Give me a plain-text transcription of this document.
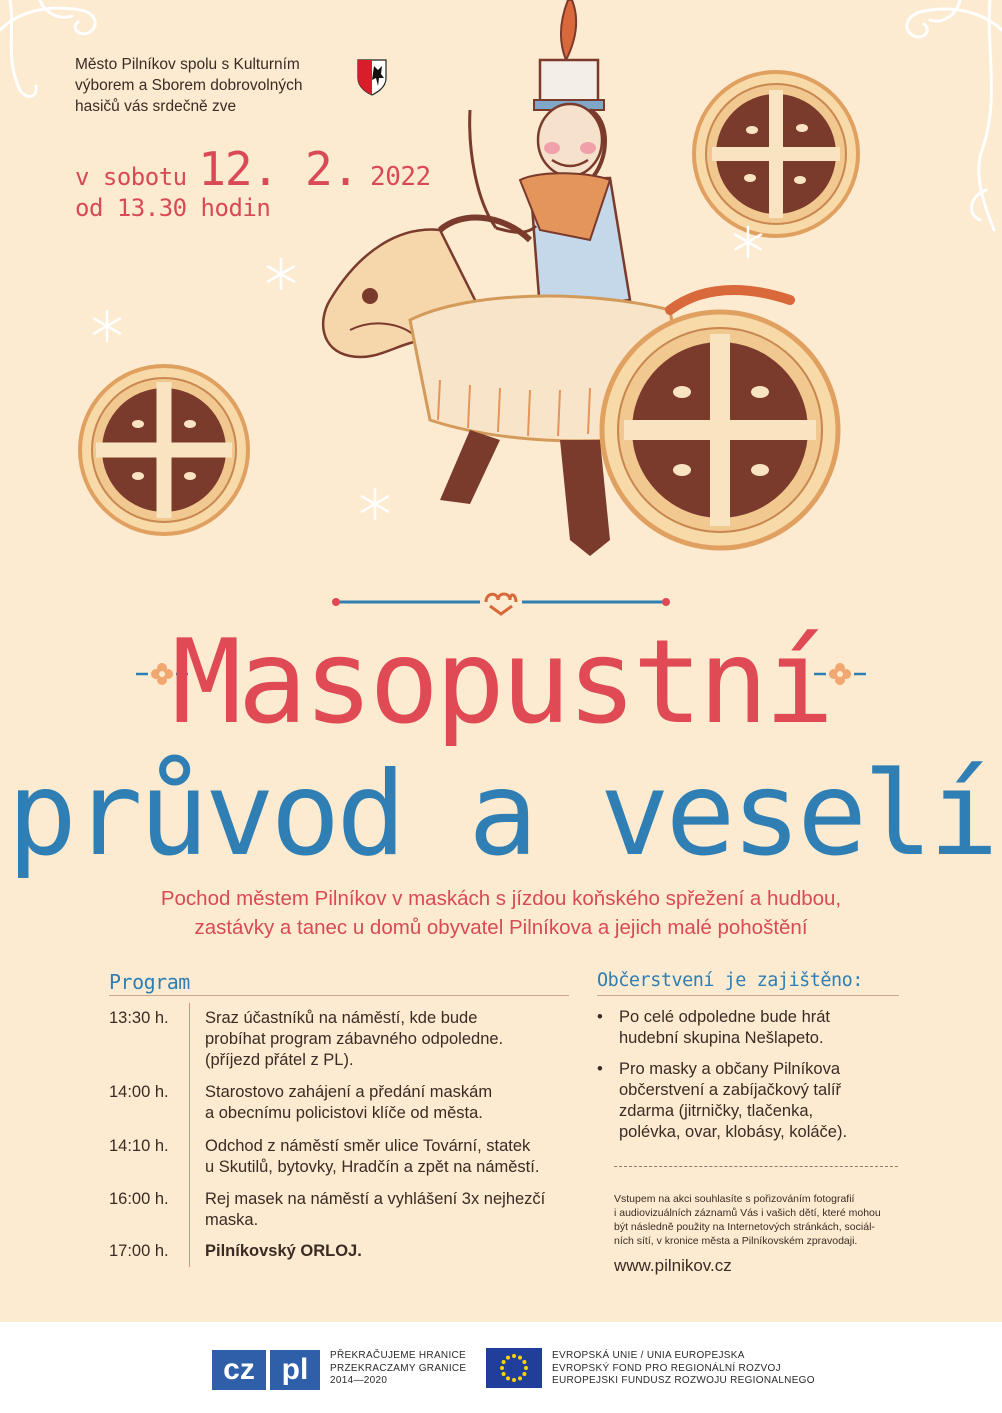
Město Pilníkov spolu s Kulturním
výborem a Sborem dobrovolných
hasičů vás srdečně zve
v sobotu 12. 2. 2022
od 13.30 hodin
Masopustní
průvod a veselí
Pochod městem Pilníkov v maskách s jízdou koňského spřežení a hudbou,
zastávky a tanec u domů obyvatel Pilníkova a jejich malé pohoštění
Program
13:30 h.	Sraz účastníků na náměstí, kde bude
probíhat program zábavného odpoledne.
(příjezd přátel z PL).
14:00 h.	Starostovo zahájení a předání maskám
a obecnímu policistovi klíče od města.
14:10 h.	Odchod z náměstí směr ulice Tovární, statek
u Skutilů, bytovky, Hradčín a zpět na náměstí.
16:00 h.	Rej masek na náměstí a vyhlášení 3x nejhezčí
maska.
17:00 h.	Pilníkovský ORLOJ.
Občerstvení je zajištěno:
• Po celé odpoledne bude hrát
hudební skupina Nešlapeto.
• Pro masky a občany Pilníkova
občerstvení a zabíjačkový talíř
zdarma (jitrničky, tlačenka,
polévka, ovar, klobásy, koláče).
Vstupem na akci souhlasíte s pořizováním fotografií
i audiovizuálních záznamů Vás i vašich dětí, které mohou
být následně použity na Internetových stránkách, sociál-
ních sítí, v kronice města a Pilníkovském zpravodaji.
www.pilnikov.cz
cz pl	PŘEKRAČUJEME HRANICE
PRZEKRACZAMY GRANICE
2014—2020
EVROPSKÁ UNIE / UNIA EUROPEJSKA
EVROPSKÝ FOND PRO REGIONÁLNÍ ROZVOJ
EUROPEJSKI FUNDUSZ ROZWOJU REGIONALNEGO
